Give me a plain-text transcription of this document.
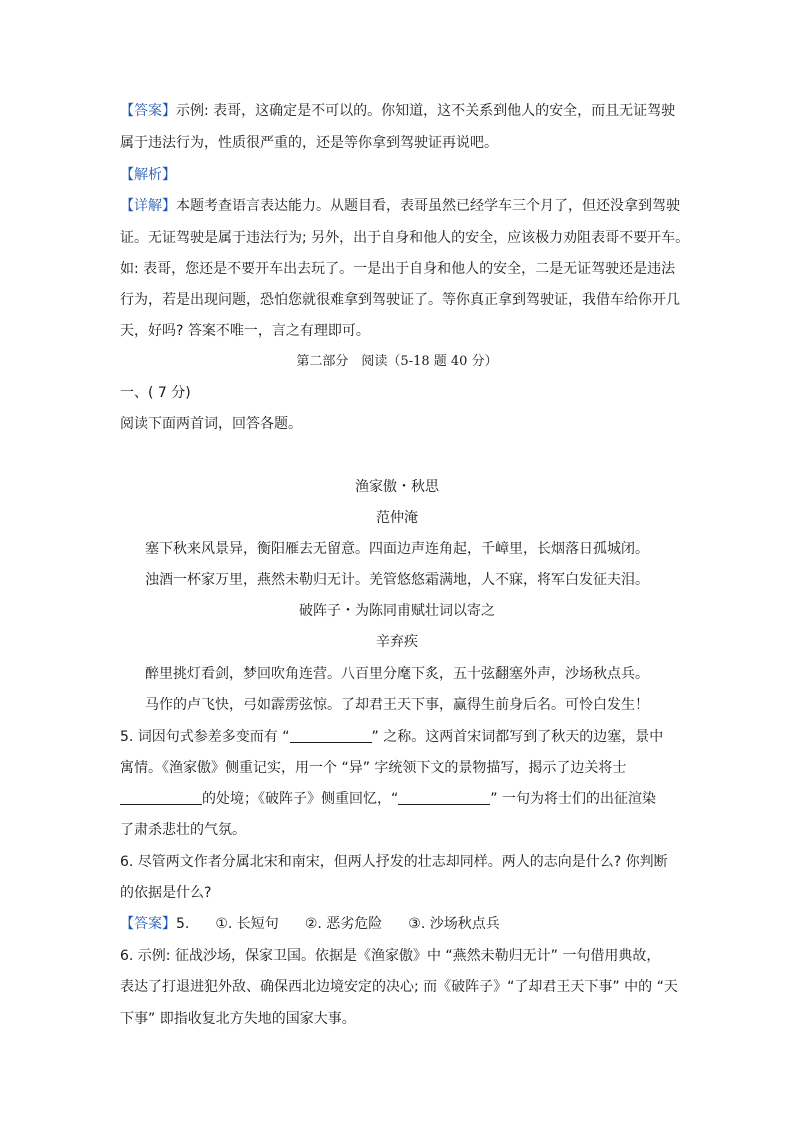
【答案】示例: 表哥，这确定是不可以的。你知道，这不关系到他人的安全，而且无证驾驶
属于违法行为，性质很严重的，还是等你拿到驾驶证再说吧。
【解析】
【详解】本题考查语言表达能力。从题目看，表哥虽然已经学车三个月了，但还没拿到驾驶
证。无证驾驶是属于违法行为; 另外，出于自身和他人的安全，应该极力劝阻表哥不要开车。
如: 表哥，您还是不要开车出去玩了。一是出于自身和他人的安全，二是无证驾驶还是违法
行为，若是出现问题，恐怕您就很难拿到驾驶证了。等你真正拿到驾驶证，我借车给你开几
天，好吗? 答案不唯一，言之有理即可。
第二部分　阅读（5-18 题 40 分）
一、( 7 分)
阅读下面两首词，回答各题。
渔家傲・秋思
范仲淹
塞下秋来风景异，衡阳雁去无留意。四面边声连角起，千嶂里，长烟落日孤城闭。
浊酒一杯家万里，燕然未勒归无计。羌管悠悠霜满地，人不寐，将军白发征夫泪。
破阵子・为陈同甫赋壮词以寄之
辛弃疾
醉里挑灯看剑，梦回吹角连营。八百里分麾下炙，五十弦翻塞外声，沙场秋点兵。
马作的卢飞快，弓如霹雳弦惊。了却君王天下事，赢得生前身后名。可怜白发生！
5. 词因句式参差多变而有 “	” 之称。这两首宋词都写到了秋天的边塞，景中
寓情。《渔家傲》侧重记实，用一个 “异” 字统领下文的景物描写，揭示了边关将士
的处境；《破阵子》侧重回忆，“	” 一句为将士们的出征渲染
了肃杀悲壮的气氛。
6. 尽管两文作者分属北宋和南宋，但两人抒发的壮志却同样。两人的志向是什么? 你判断
的依据是什么?
【答案】5. ①. 长短句 ②. 恶劣危险 ③. 沙场秋点兵
6. 示例: 征战沙场，保家卫国。依据是《渔家傲》中 “燕然未勒归无计” 一句借用典故，
表达了打退进犯外敌、确保西北边境安定的决心; 而《破阵子》“了却君王天下事” 中的 “天
下事” 即指收复北方失地的国家大事。
